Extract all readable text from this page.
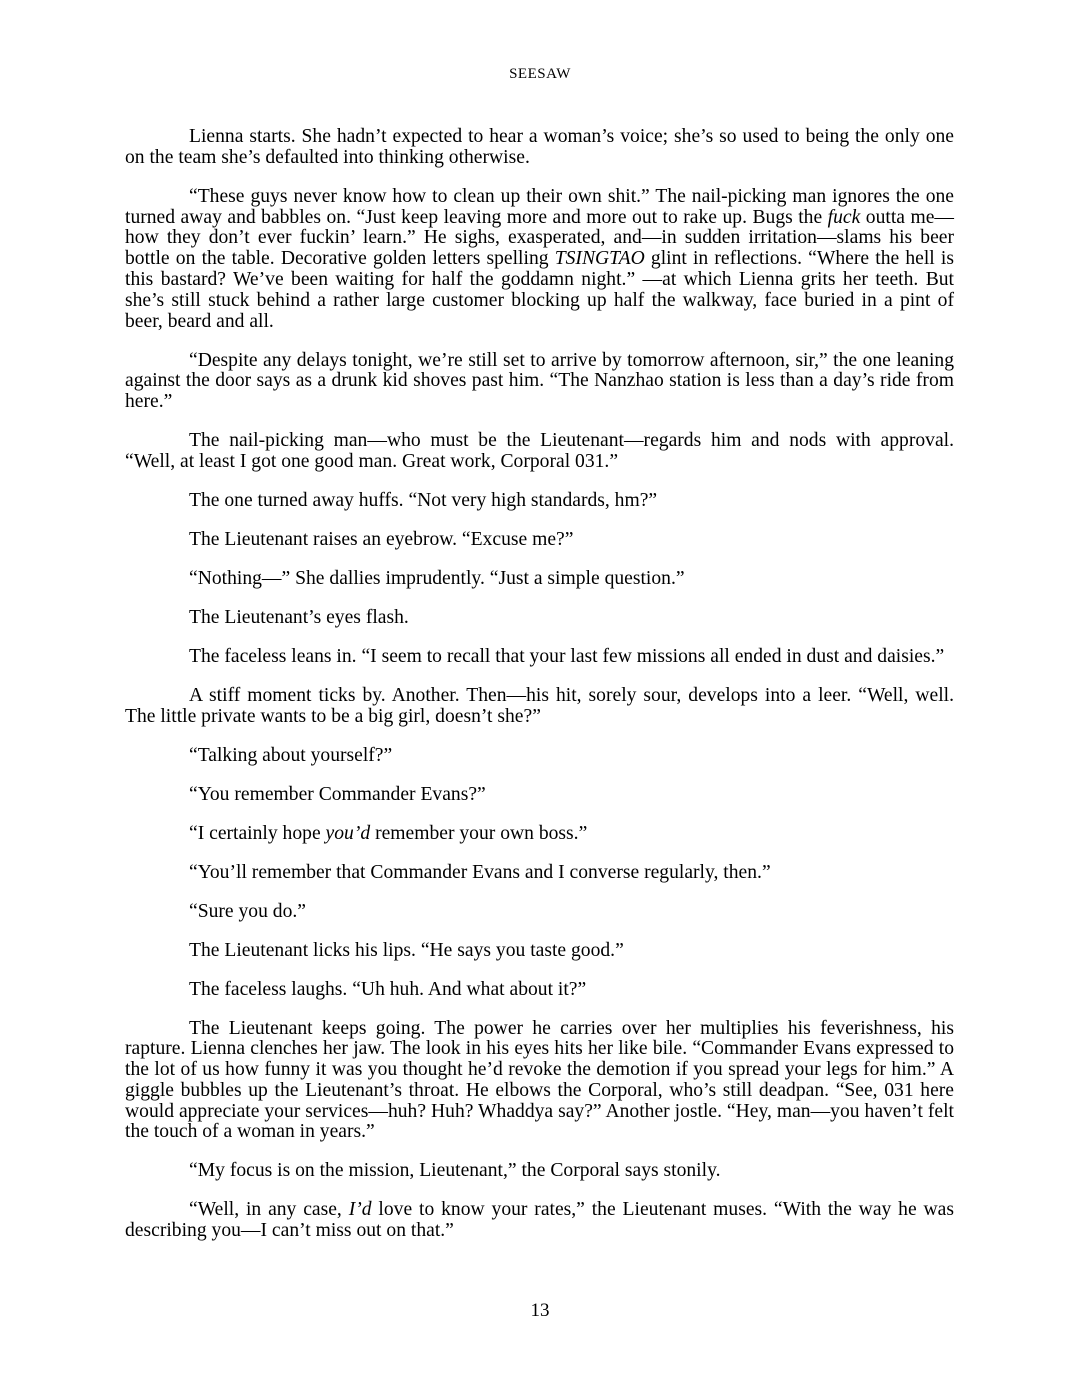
SEESAW

Lienna starts. She hadn’t expected to hear a woman’s voice; she’s so used to being the only one on the team she’s defaulted into thinking otherwise.

“These guys never know how to clean up their own shit.” The nail-picking man ignores the one turned away and babbles on. “Just keep leaving more and more out to rake up. Bugs the fuck outta me—how they don’t ever fuckin’ learn.” He sighs, exasperated, and—in sudden irritation—slams his beer bottle on the table. Decorative golden letters spelling TSINGTAO glint in reflections. “Where the hell is this bastard? We’ve been waiting for half the goddamn night.” —at which Lienna grits her teeth. But she’s still stuck behind a rather large customer blocking up half the walkway, face buried in a pint of beer, beard and all.

“Despite any delays tonight, we’re still set to arrive by tomorrow afternoon, sir,” the one leaning against the door says as a drunk kid shoves past him. “The Nanzhao station is less than a day’s ride from here.”

The nail-picking man—who must be the Lieutenant—regards him and nods with approval. “Well, at least I got one good man. Great work, Corporal 031.”

The one turned away huffs. “Not very high standards, hm?”

The Lieutenant raises an eyebrow. “Excuse me?”

“Nothing—” She dallies imprudently. “Just a simple question.”

The Lieutenant’s eyes flash.

The faceless leans in. “I seem to recall that your last few missions all ended in dust and daisies.”

A stiff moment ticks by. Another. Then—his hit, sorely sour, develops into a leer. “Well, well. The little private wants to be a big girl, doesn’t she?”

“Talking about yourself?”

“You remember Commander Evans?”

“I certainly hope you’d remember your own boss.”

“You’ll remember that Commander Evans and I converse regularly, then.”

“Sure you do.”

The Lieutenant licks his lips. “He says you taste good.”

The faceless laughs. “Uh huh. And what about it?”

The Lieutenant keeps going. The power he carries over her multiplies his feverishness, his rapture. Lienna clenches her jaw. The look in his eyes hits her like bile. “Commander Evans expressed to the lot of us how funny it was you thought he’d revoke the demotion if you spread your legs for him.” A giggle bubbles up the Lieutenant’s throat. He elbows the Corporal, who’s still deadpan. “See, 031 here would appreciate your services—huh? Huh? Whaddya say?” Another jostle. “Hey, man—you haven’t felt the touch of a woman in years.”

“My focus is on the mission, Lieutenant,” the Corporal says stonily.

“Well, in any case, I’d love to know your rates,” the Lieutenant muses. “With the way he was describing you—I can’t miss out on that.”

13
